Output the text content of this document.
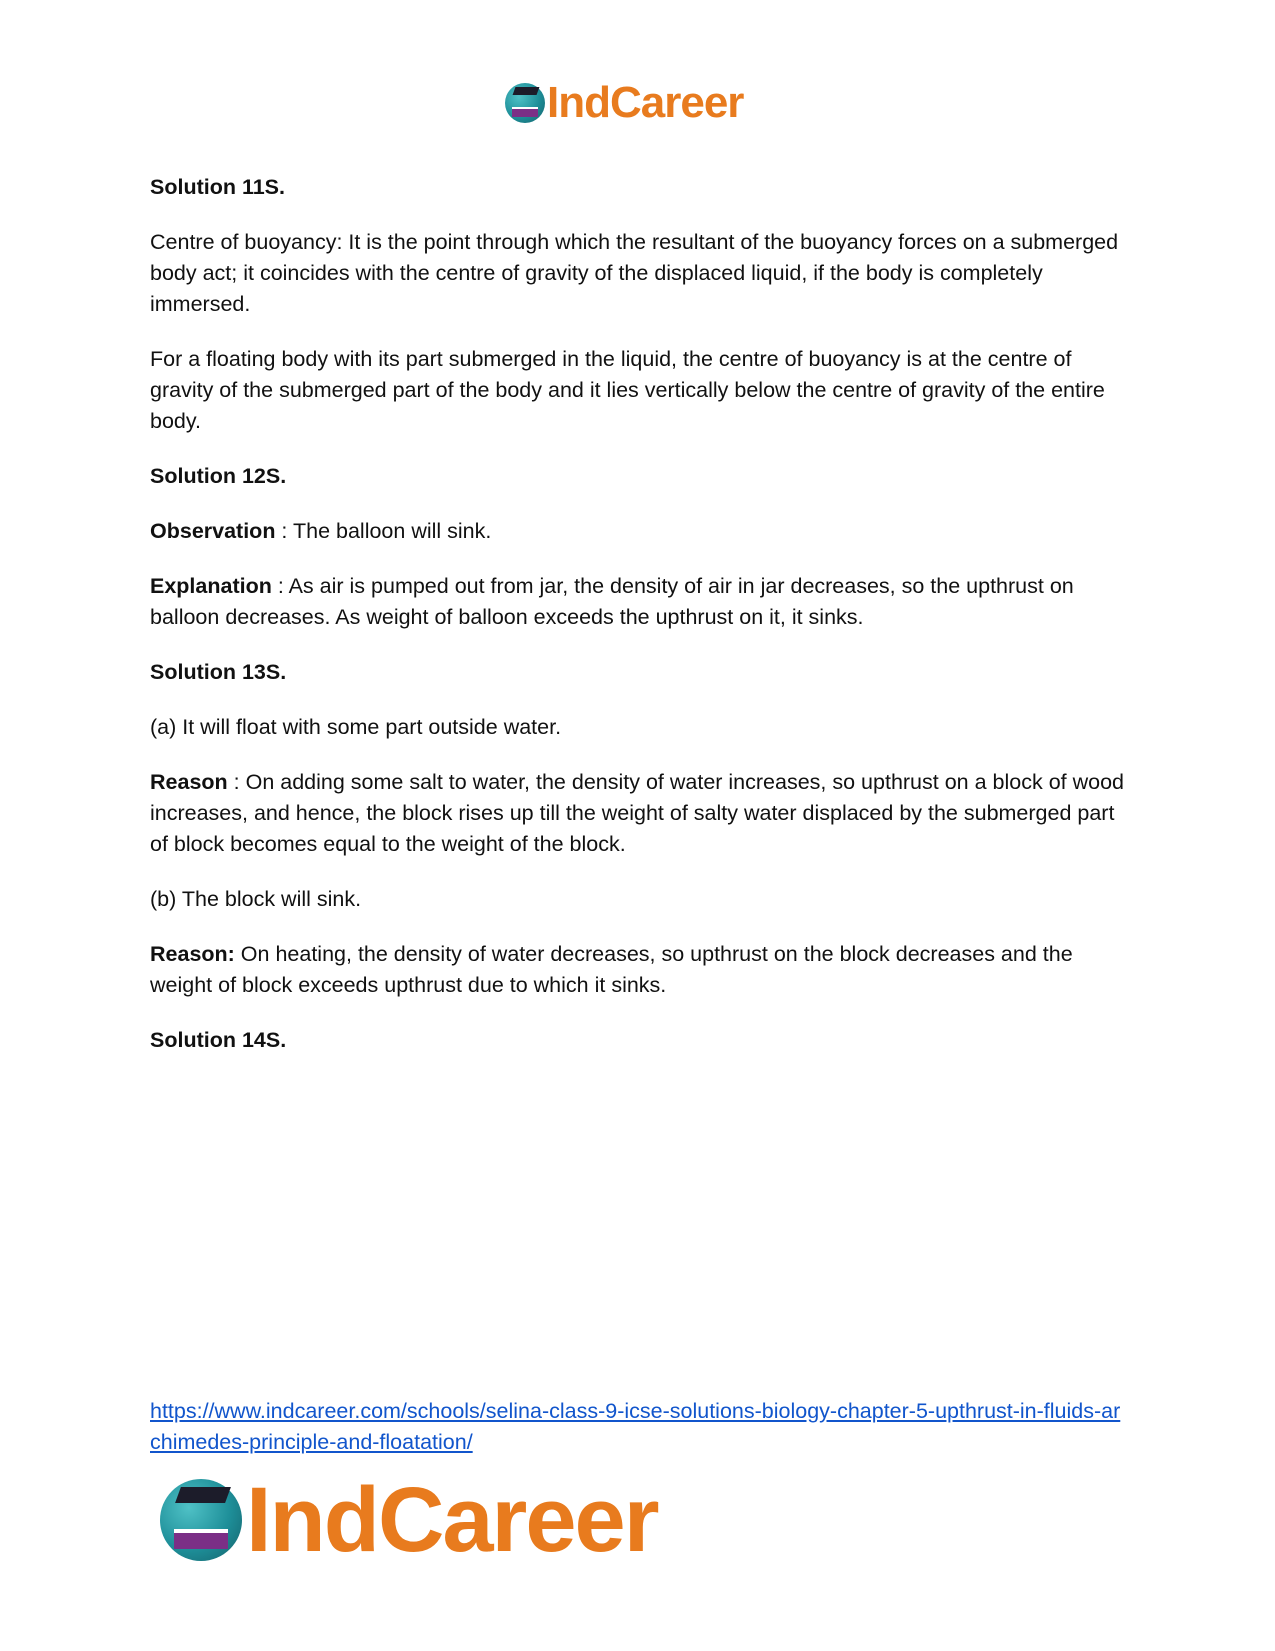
IndCareer

Solution 11S.

Centre of buoyancy: It is the point through which the resultant of the buoyancy forces on a submerged body act; it coincides with the centre of gravity of the displaced liquid, if the body is completely immersed.

For a floating body with its part submerged in the liquid, the centre of buoyancy is at the centre of gravity of the submerged part of the body and it lies vertically below the centre of gravity of the entire body.

Solution 12S.

Observation : The balloon will sink.

Explanation : As air is pumped out from jar, the density of air in jar decreases, so the upthrust on balloon decreases. As weight of balloon exceeds the upthrust on it, it sinks.

Solution 13S.

(a) It will float with some part outside water.

Reason : On adding some salt to water, the density of water increases, so upthrust on a block of wood increases, and hence, the block rises up till the weight of salty water displaced by the submerged part of block becomes equal to the weight of the block.

(b) The block will sink.

Reason: On heating, the density of water decreases, so upthrust on the block decreases and the weight of block exceeds upthrust due to which it sinks.

Solution 14S.

https://www.indcareer.com/schools/selina-class-9-icse-solutions-biology-chapter-5-upthrust-in-fluids-archimedes-principle-and-floatation/
IndCareer
